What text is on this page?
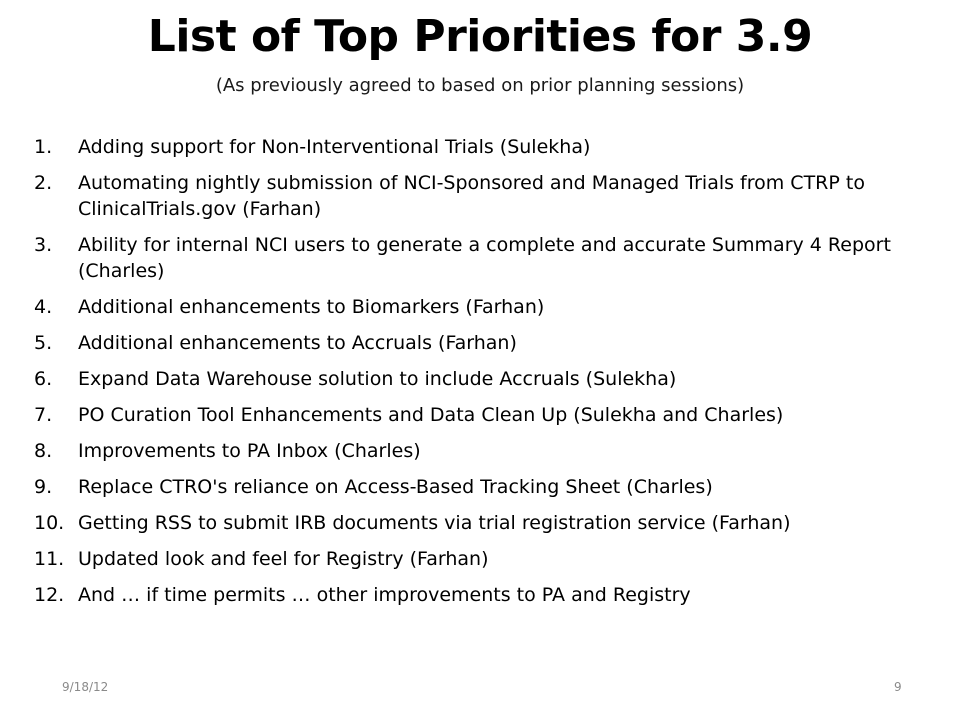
List of Top Priorities for 3.9
(As previously agreed to based on prior planning sessions)
1.	Adding support for Non-Interventional Trials (Sulekha)
2.	Automating nightly submission of NCI-Sponsored and Managed Trials from CTRP to ClinicalTrials.gov (Farhan)
3.	Ability for internal NCI users to generate a complete and accurate Summary 4 Report (Charles)
4.	Additional enhancements to Biomarkers (Farhan)
5.	Additional enhancements to Accruals (Farhan)
6.	Expand Data Warehouse solution to include Accruals (Sulekha)
7.	PO Curation Tool Enhancements and Data Clean Up (Sulekha and Charles)
8.	Improvements to PA Inbox (Charles)
9.	Replace CTRO's reliance on Access-Based Tracking Sheet (Charles)
10. Getting RSS to submit IRB documents via trial registration service (Farhan)
11. Updated look and feel for Registry (Farhan)
12. And … if time permits … other improvements to PA and Registry
9/18/12	9
